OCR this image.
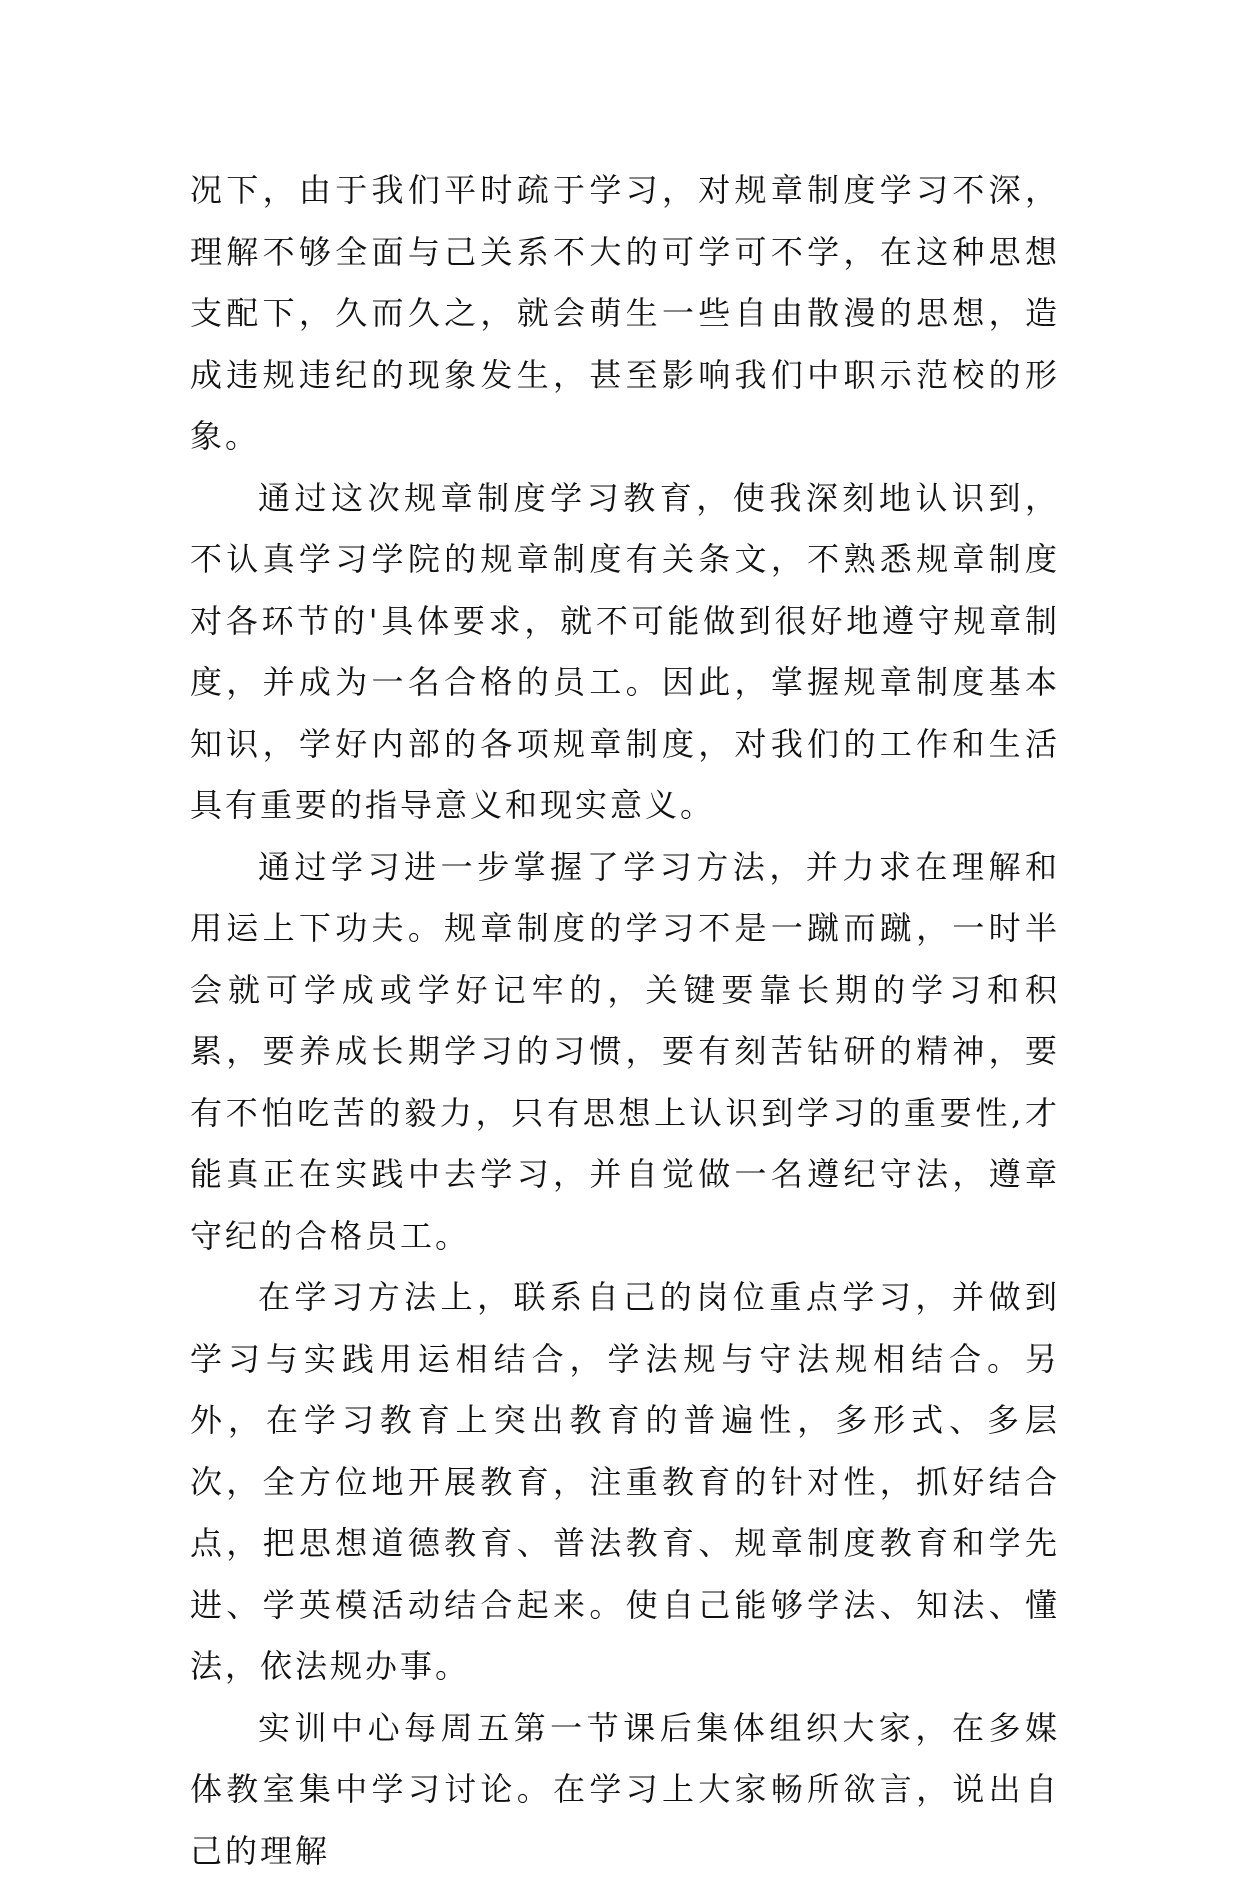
况下，由于我们平时疏于学习，对规章制度学习不深，理解不够全面与己关系不大的可学可不学，在这种思想支配下，久而久之，就会萌生一些自由散漫的思想，造成违规违纪的现象发生，甚至影响我们中职示范校的形象。

通过这次规章制度学习教育，使我深刻地认识到，不认真学习学院的规章制度有关条文，不熟悉规章制度对各环节的'具体要求，就不可能做到很好地遵守规章制度，并成为一名合格的员工。因此，掌握规章制度基本知识，学好内部的各项规章制度，对我们的工作和生活具有重要的指导意义和现实意义。

通过学习进一步掌握了学习方法，并力求在理解和用运上下功夫。规章制度的学习不是一蹴而蹴，一时半会就可学成或学好记牢的，关键要靠长期的学习和积累，要养成长期学习的习惯，要有刻苦钻研的精神，要有不怕吃苦的毅力，只有思想上认识到学习的重要性,才能真正在实践中去学习，并自觉做一名遵纪守法，遵章守纪的合格员工。

在学习方法上，联系自己的岗位重点学习，并做到学习与实践用运相结合，学法规与守法规相结合。另外，在学习教育上突出教育的普遍性，多形式、多层次，全方位地开展教育，注重教育的针对性，抓好结合点，把思想道德教育、普法教育、规章制度教育和学先进、学英模活动结合起来。使自己能够学法、知法、懂法，依法规办事。

实训中心每周五第一节课后集体组织大家，在多媒体教室集中学习讨论。在学习上大家畅所欲言，说出自己的理解
